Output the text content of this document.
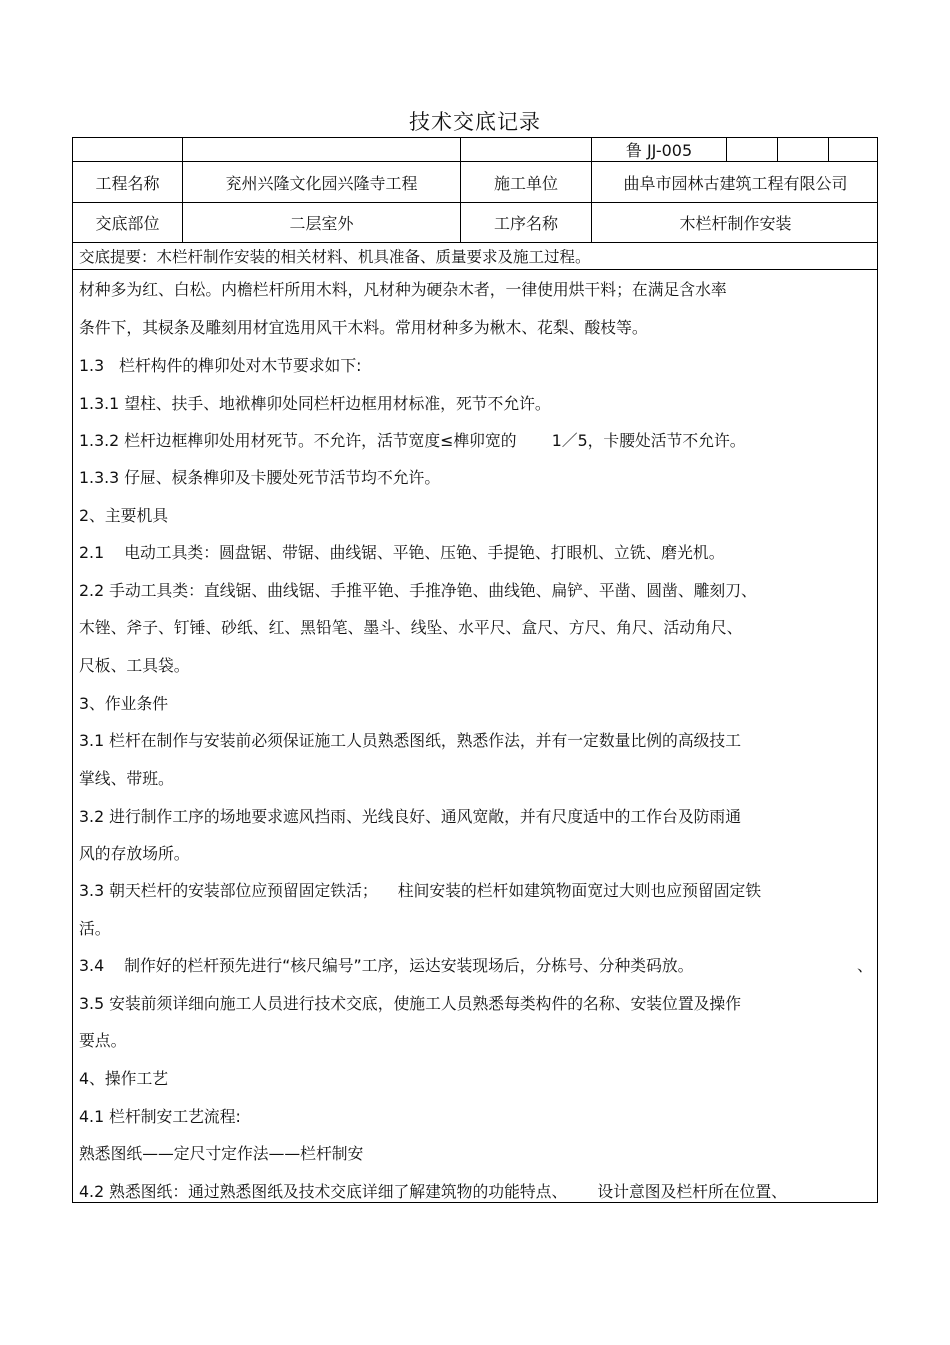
技术交底记录
鲁 JJ-005
工程名称	兖州兴隆文化园兴隆寺工程	施工单位	曲阜市园林古建筑工程有限公司
交底部位	二层室外	工序名称	木栏杆制作安装
交底提要：木栏杆制作安装的相关材料、机具准备、质量要求及施工过程。
材种多为红、白松。内檐栏杆所用木料，凡材种为硬杂木者，一律使用烘干料；在满足含水率
条件下，其棂条及雕刻用材宜选用风干木料。常用材种多为楸木、花梨、酸枝等。
1.3   栏杆构件的榫卯处对木节要求如下:
1.3.1 望柱、扶手、地袱榫卯处同栏杆边框用材标准，死节不允许。
1.3.2 栏杆边框榫卯处用材死节。不允许，活节宽度≤榫卯宽的       1／5，卡腰处活节不允许。
1.3.3 仔屉、棂条榫卯及卡腰处死节活节均不允许。
2、主要机具
2.1    电动工具类：圆盘锯、带锯、曲线锯、平铯、压铯、手提铯、打眼机、立铣、磨光机。
2.2 手动工具类：直线锯、曲线锯、手推平铯、手推净铯、曲线铯、扁铲、平凿、圆凿、雕刻刀、
木锉、斧子、钉锤、砂纸、红、黑铅笔、墨斗、线坠、水平尺、盒尺、方尺、角尺、活动角尺、
尺板、工具袋。
3、作业条件
3.1 栏杆在制作与安装前必须保证施工人员熟悉图纸，熟悉作法，并有一定数量比例的高级技工
掌线、带班。
3.2 进行制作工序的场地要求遮风挡雨、光线良好、通风宽敞，并有尺度适中的工作台及防雨通
风的存放场所。
3.3 朝天栏杆的安装部位应预留固定铁活；    柱间安装的栏杆如建筑物面宽过大则也应预留固定铁
活。
3.4    制作好的栏杆预先进行“核尺编号”工序，运达安装现场后，分栋号、分种类码放。	、
3.5 安装前须详细向施工人员进行技术交底，使施工人员熟悉每类构件的名称、安装位置及操作
要点。
4、操作工艺
4.1 栏杆制安工艺流程:
熟悉图纸——定尺寸定作法——栏杆制安
4.2 熟悉图纸：通过熟悉图纸及技术交底详细了解建筑物的功能特点、      设计意图及栏杆所在位置、
